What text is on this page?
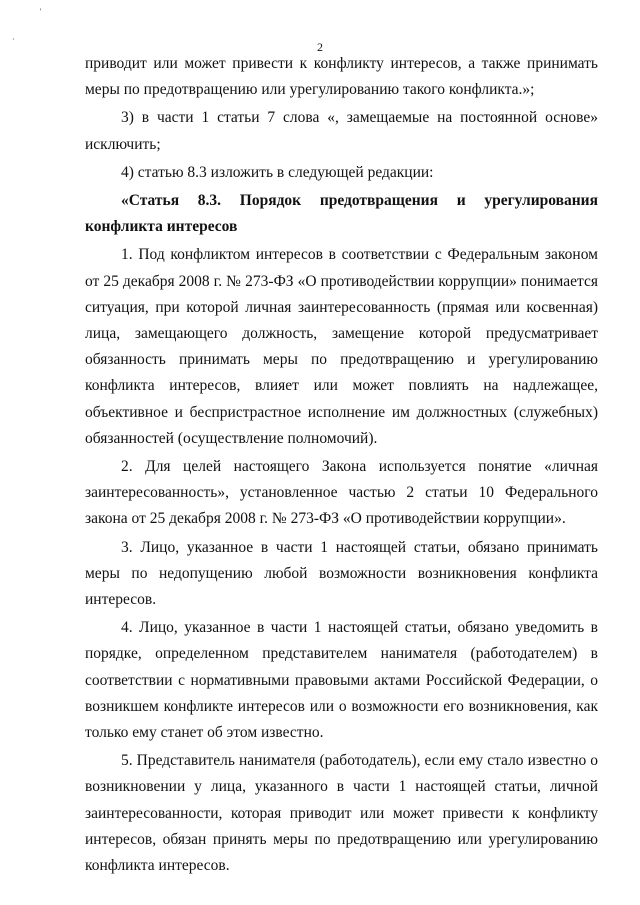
'
·
2

приводит или может привести к конфликту интересов, а также принимать меры по предотвращению или урегулированию такого конфликта.»;

3) в части 1 статьи 7 слова «, замещаемые на постоянной основе» исключить;

4) статью 8.3 изложить в следующей редакции:

«Статья 8.3. Порядок предотвращения и урегулирования конфликта интересов

1. Под конфликтом интересов в соответствии с Федеральным законом от 25 декабря 2008 г. № 273-ФЗ «О противодействии коррупции» понимается ситуация, при которой личная заинтересованность (прямая или косвенная) лица, замещающего должность, замещение которой предусматривает обязанность принимать меры по предотвращению и урегулированию конфликта интересов, влияет или может повлиять на надлежащее, объективное и беспристрастное исполнение им должностных (служебных) обязанностей (осуществление полномочий).

2. Для целей настоящего Закона используется понятие «личная заинтересованность», установленное частью 2 статьи 10 Федерального закона от 25 декабря 2008 г. № 273-ФЗ «О противодействии коррупции».

3. Лицо, указанное в части 1 настоящей статьи, обязано принимать меры по недопущению любой возможности возникновения конфликта интересов.

4. Лицо, указанное в части 1 настоящей статьи, обязано уведомить в порядке, определенном представителем нанимателя (работодателем) в соответствии с нормативными правовыми актами Российской Федерации, о возникшем конфликте интересов или о возможности его возникновения, как только ему станет об этом известно.

5. Представитель нанимателя (работодатель), если ему стало известно о возникновении у лица, указанного в части 1 настоящей статьи, личной заинтересованности, которая приводит или может привести к конфликту интересов, обязан принять меры по предотвращению или урегулированию конфликта интересов.
